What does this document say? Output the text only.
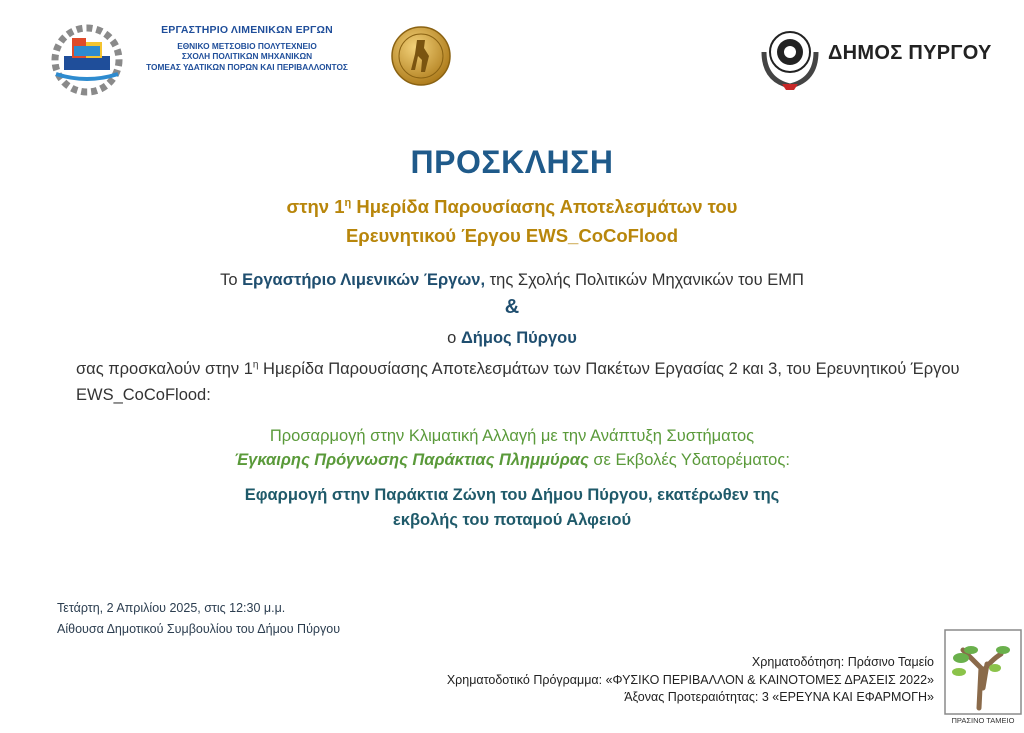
ΕΡΓΑΣΤΗΡΙΟ ΛΙΜΕΝΙΚΩΝ ΕΡΓΩΝ
ΕΘΝΙΚΟ ΜΕΤΣΟΒΙΟ ΠΟΛΥΤΕΧΝΕΙΟ
ΣΧΟΛΗ ΠΟΛΙΤΙΚΩΝ ΜΗΧΑΝΙΚΩΝ
ΤΟΜΕΑΣ ΥΔΑΤΙΚΩΝ ΠΟΡΩΝ ΚΑΙ ΠΕΡΙΒΑΛΛΟΝΤΟΣ
ΔΗΜΟΣ ΠΥΡΓΟΥ
ΠΡΟΣΚΛΗΣΗ
στην $1^\eta$ Ημερίδα Παρουσίασης Αποτελεσμάτων του
Ερευνητικού Έργου EWS_CoCoFlood
Το Εργαστήριο Λιμενικών Έργων, της Σχολής Πολιτικών Μηχανικών του ΕΜΠ
&
ο Δήμος Πύργου
σας προσκαλούν στην $1^\eta$ Ημερίδα Παρουσίασης Αποτελεσμάτων των Πακέτων Εργασίας 2 και 3, του Ερευνητικού Έργου EWS_CoCoFlood:
Προσαρμογή στην Κλιματική Αλλαγή με την Ανάπτυξη Συστήματος
Έγκαιρης Πρόγνωσης Παράκτιας Πλημμύρας σε Εκβολές Υδατορέματος:
Εφαρμογή στην Παράκτια Ζώνη του Δήμου Πύργου, εκατέρωθεν της
εκβολής του ποταμού Αλφειού
Τετάρτη, 2 Απριλίου 2025, στις 12:30 μ.μ.
Αίθουσα Δημοτικού Συμβουλίου του Δήμου Πύργου
Χρηματοδότηση: Πράσινο Ταμείο
Χρηματοδοτικό Πρόγραμμα: «ΦΥΣΙΚΟ ΠΕΡΙΒΑΛΛΟΝ & ΚΑΙΝΟΤΟΜΕΣ ΔΡΑΣΕΙΣ 2022»
Άξονας Προτεραιότητας: 3 «ΕΡΕΥΝΑ ΚΑΙ ΕΦΑΡΜΟΓΗ»
ΠΡΑΣΙΝΟ ΤΑΜΕΙΟ
